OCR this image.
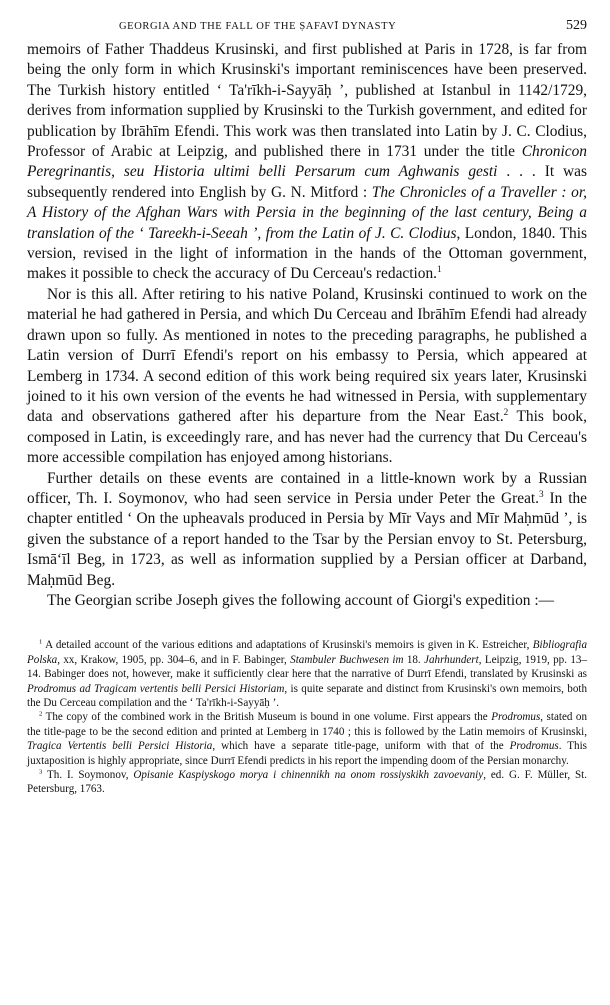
GEORGIA AND THE FALL OF THE ṢAFAVĪ DYNASTY	529

memoirs of Father Thaddeus Krusinski, and first published at Paris in 1728, is far from being the only form in which Krusinski's important reminiscences have been preserved. The Turkish history entitled ‘ Ta'rīkh-i-Sayyāḥ ’, published at Istanbul in 1142/1729, derives from information supplied by Krusinski to the Turkish government, and edited for publication by Ibrāhīm Efendi. This work was then translated into Latin by J. C. Clodius, Professor of Arabic at Leipzig, and published there in 1731 under the title Chronicon Peregrinantis, seu Historia ultimi belli Persarum cum Aghwanis gesti . . . It was subsequently rendered into English by G. N. Mitford : The Chronicles of a Traveller : or, A History of the Afghan Wars with Persia in the beginning of the last century, Being a translation of the ‘ Tareekh-i-Seeah ’, from the Latin of J. C. Clodius, London, 1840. This version, revised in the light of information in the hands of the Ottoman government, makes it possible to check the accuracy of Du Cerceau's redaction.$^1$

Nor is this all. After retiring to his native Poland, Krusinski continued to work on the material he had gathered in Persia, and which Du Cerceau and Ibrāhīm Efendi had already drawn upon so fully. As mentioned in notes to the preceding paragraphs, he published a Latin version of Durrī Efendi's report on his embassy to Persia, which appeared at Lemberg in 1734. A second edition of this work being required six years later, Krusinski joined to it his own version of the events he had witnessed in Persia, with supplementary data and observations gathered after his departure from the Near East.$^2$ This book, composed in Latin, is exceedingly rare, and has never had the currency that Du Cerceau's more accessible compilation has enjoyed among historians.

Further details on these events are contained in a little-known work by a Russian officer, Th. I. Soymonov, who had seen service in Persia under Peter the Great.$^3$ In the chapter entitled ‘ On the upheavals produced in Persia by Mīr Vays and Mīr Maḥmūd ’, is given the substance of a report handed to the Tsar by the Persian envoy to St. Petersburg, Ismā‘īl Beg, in 1723, as well as information supplied by a Persian officer at Darband, Maḥmūd Beg.

The Georgian scribe Joseph gives the following account of Giorgi's expedition :—

$^1$ A detailed account of the various editions and adaptations of Krusinski's memoirs is given in K. Estreicher, Bibliografia Polska, xx, Krakow, 1905, pp. 304–6, and in F. Babinger, Stambuler Buchwesen im 18. Jahrhundert, Leipzig, 1919, pp. 13–14. Babinger does not, however, make it sufficiently clear here that the narrative of Durrī Efendi, translated by Krusinski as Prodromus ad Tragicam vertentis belli Persici Historiam, is quite separate and distinct from Krusinski's own memoirs, both the Du Cerceau compilation and the ‘ Ta'rīkh-i-Sayyāḥ ’.

$^2$ The copy of the combined work in the British Museum is bound in one volume. First appears the Prodromus, stated on the title-page to be the second edition and printed at Lemberg in 1740 ; this is followed by the Latin memoirs of Krusinski, Tragica Vertentis belli Persici Historia, which have a separate title-page, uniform with that of the Prodromus. This juxtaposition is highly appropriate, since Durrī Efendi predicts in his report the impending doom of the Persian monarchy.

$^3$ Th. I. Soymonov, Opisanie Kaspiyskogo morya i chinennikh na onom rossiyskikh zavoevaniy, ed. G. F. Müller, St. Petersburg, 1763.
